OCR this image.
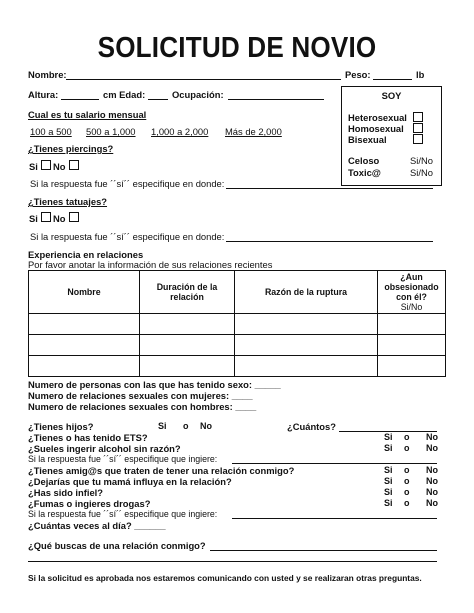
SOLICITUD DE NOVIO
Nombre:	Peso:	lb
Altura:	cm Edad:	Ocupación:	SOY
Heterosexual
Homosexual
Bisexual
Celoso	Si/No
Toxic@	Si/No
Cual es tu salario mensual
100 a 500 500 a 1,000 1,000 a 2,000 Más de 2,000
¿Tienes piercings?
Si No
Si la respuesta fue ´´sí´´ especifique en donde:
¿Tienes tatuajes?
Si No
Si la respuesta fue ´´sí´´ especifique en donde:
Experiencia en relaciones
Por favor anotar la información de sus relaciones recientes
Nombre	Duración de la relación	Razón de la ruptura	¿Aun obsesionado con él?
Si/No

Numero de personas con las que has tenido sexo: _____
Numero de relaciones sexuales con mujeres: ____
Numero de relaciones sexuales con hombres: ____
¿Tienes hijos?	Si o No	¿Cuántos?
¿Tienes o has tenido ETS?	Si o No
¿Sueles ingerir alcohol sin razón?	Si o No
Si la respuesta fue ´´sí´´ especifique que ingiere:
¿Tienes amig@s que traten de tener una relación conmigo?	Si o No
¿Dejarías que tu mamá influya en la relación?	Si o No
¿Has sido infiel?	Si o No
¿Fumas o ingieres drogas?	Si o No
Si la respuesta fue ´´sí´´ especifique que ingiere:
¿Cuántas veces al día? ______
¿Qué buscas de una relación conmigo?
Si la solicitud es aprobada nos estaremos comunicando con usted y se realizaran otras preguntas.
